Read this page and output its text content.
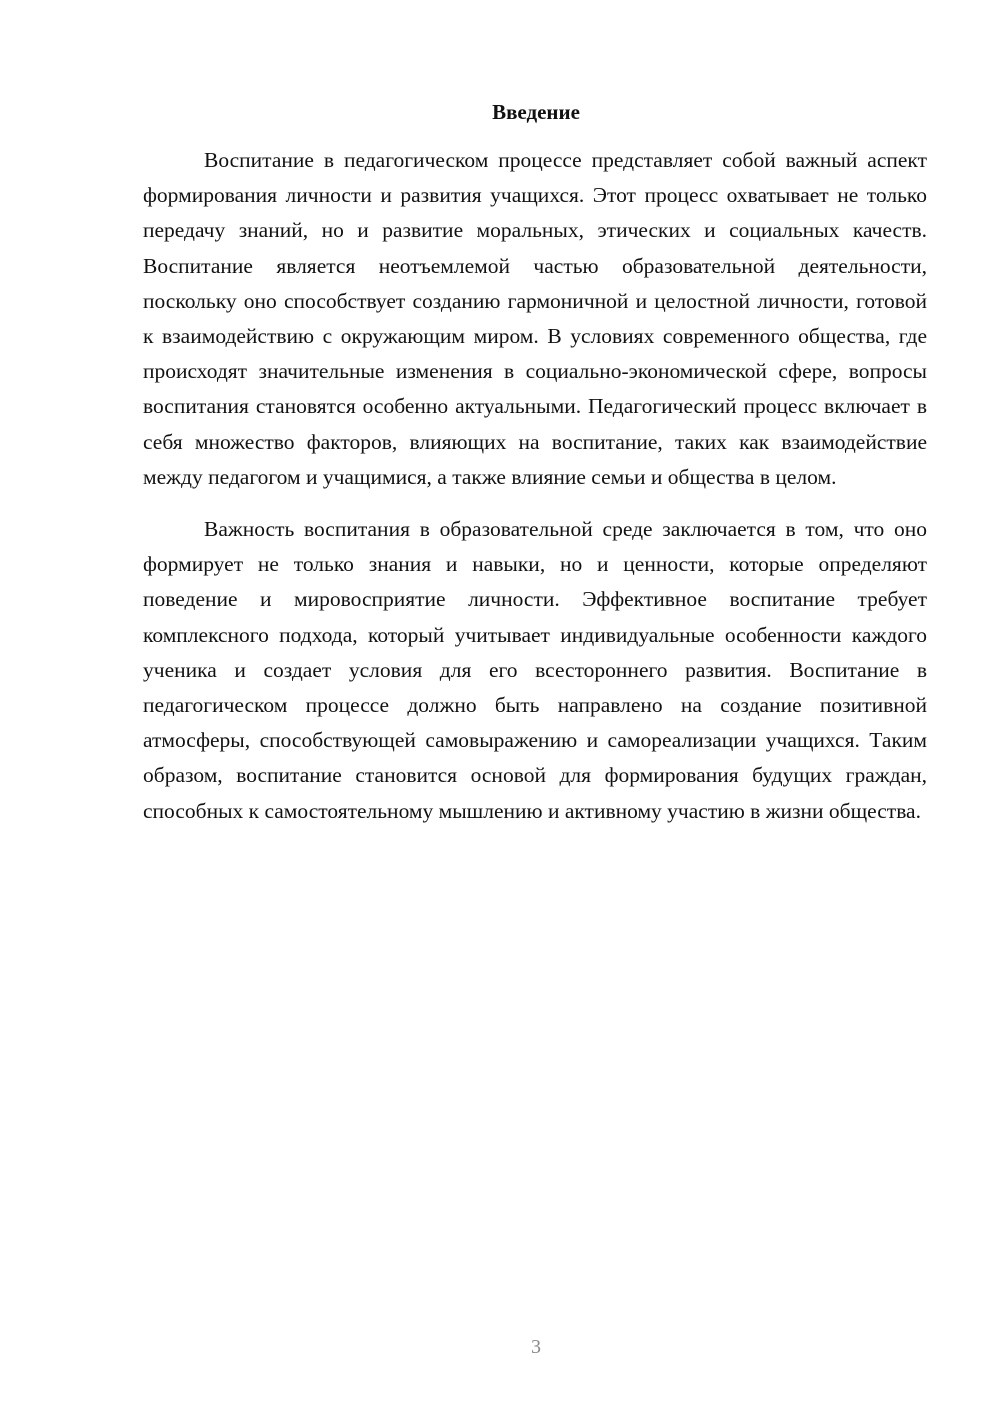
Введение

Воспитание в педагогическом процессе представляет собой важный аспект формирования личности и развития учащихся. Этот процесс охватывает не только передачу знаний, но и развитие моральных, этических и социальных качеств. Воспитание является неотъемлемой частью образовательной деятельности, поскольку оно способствует созданию гармоничной и целостной личности, готовой к взаимодействию с окружающим миром. В условиях современного общества, где происходят значительные изменения в социально-экономической сфере, вопросы воспитания становятся особенно актуальными. Педагогический процесс включает в себя множество факторов, влияющих на воспитание, таких как взаимодействие между педагогом и учащимися, а также влияние семьи и общества в целом.

Важность воспитания в образовательной среде заключается в том, что оно формирует не только знания и навыки, но и ценности, которые определяют поведение и мировосприятие личности. Эффективное воспитание требует комплексного подхода, который учитывает индивидуальные особенности каждого ученика и создает условия для его всестороннего развития. Воспитание в педагогическом процессе должно быть направлено на создание позитивной атмосферы, способствующей самовыражению и самореализации учащихся. Таким образом, воспитание становится основой для формирования будущих граждан, способных к самостоятельному мышлению и активному участию в жизни общества.

3
